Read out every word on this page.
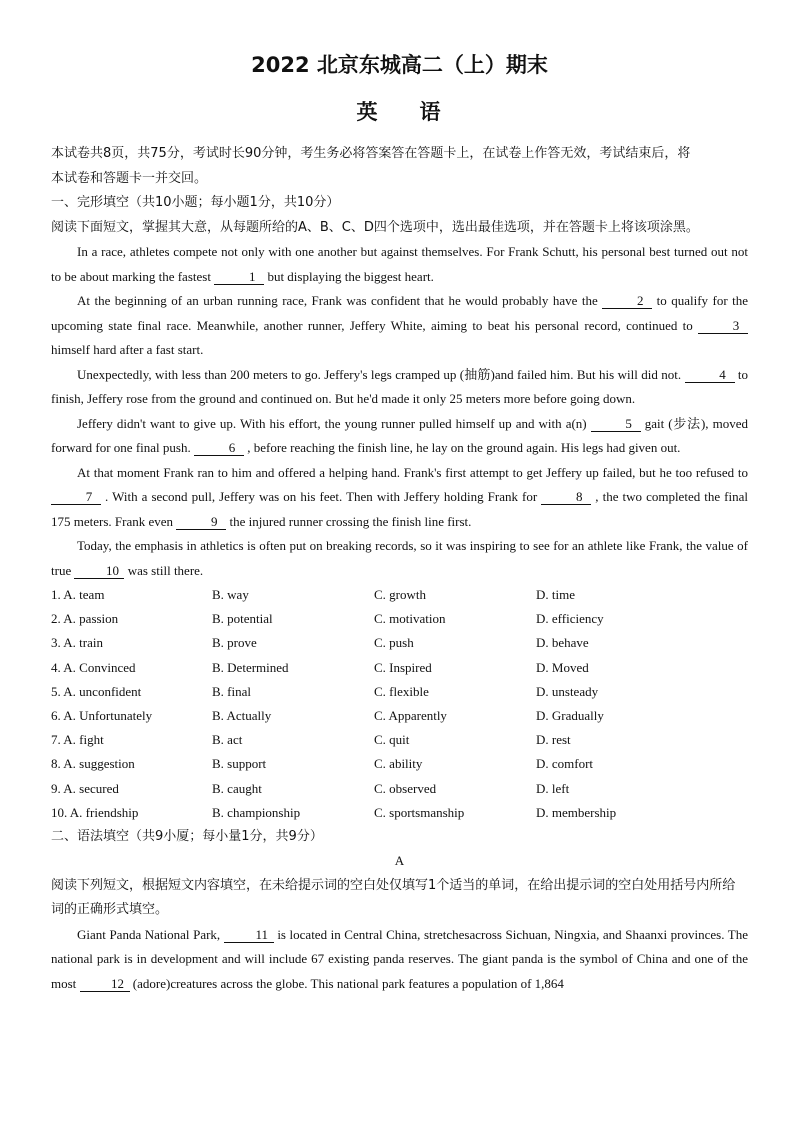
2022 北京东城高二（上）期末
英 语

本试卷共8页，共75分，考试时长90分钟，考生务必将答案答在答题卡上，在试卷上作答无效，考试结束后，将

本试卷和答题卡一并交回。

一、完形填空（共10小题；每小题1分，共10分）

阅读下面短文，掌握其大意，从每题所给的A、B、C、D四个选项中，选出最佳选项，并在答题卡上将该项涂黑。

In a race, athletes compete not only with one another but against themselves. For Frank Schutt, his personal best turned out not to be about marking the fastest	1 but displaying the biggest heart.

At the beginning of an urban running race, Frank was confident that he would probably have the	2 to qualify for the upcoming state final race. Meanwhile, another runner, Jeffery White, aiming to beat his personal record, continued to	3 himself hard after a fast start.

Unexpectedly, with less than 200 meters to go. Jeffery's legs cramped up (抽筋)and failed him. But his will did not.	4 to finish, Jeffery rose from the ground and continued on. But he'd made it only 25 meters more before going down.

Jeffery didn't want to give up. With his effort, the young runner pulled himself up and with a(n)	5 gait (步法), moved forward for one final push.	6 , before reaching the finish line, he lay on the ground again. His legs had given out.

At that moment Frank ran to him and offered a helping hand. Frank's first attempt to get Jeffery up failed, but he too refused to 7 . With a second pull, Jeffery was on his feet. Then with Jeffery holding Frank for	8 , the two completed the final 175 meters. Frank even	9 the injured runner crossing the finish line first.

Today, the emphasis in athletics is often put on breaking records, so it was inspiring to see for an athlete like Frank, the value of true	10 was still there.

1. A. team	B. way	C. growth	D. time
2. A. passion	B. potential	C. motivation	D. efficiency
3. A. train	B. prove	C. push	D. behave
4. A. Convinced	B. Determined	C. Inspired	D. Moved
5. A. unconfident	B. final	C. flexible	D. unsteady
6. A. Unfortunately	B. Actually	C. Apparently	D. Gradually
7. A. fight	B. act	C. quit	D. rest
8. A. suggestion	B. support	C. ability	D. comfort
9. A. secured	B. caught	C. observed	D. left
10. A. friendship	B. championship	C. sportsmanship	D. membership

二、语法填空（共9小厦；每小量1分，共9分）

A

阅读下列短文，根据短文内容填空，在未给提示词的空白处仅填写1个适当的单词，在给出提示词的空白处用括号内所给词的正确形式填空。

Giant Panda National Park,	11 is located in Central China, stretchesacross Sichuan, Ningxia, and Shaanxi provinces. The national park is in development and will include 67 existing panda reserves. The giant panda is the symbol of China and one of the most	12 (adore)creatures across the globe. This national park features a population of 1,864
